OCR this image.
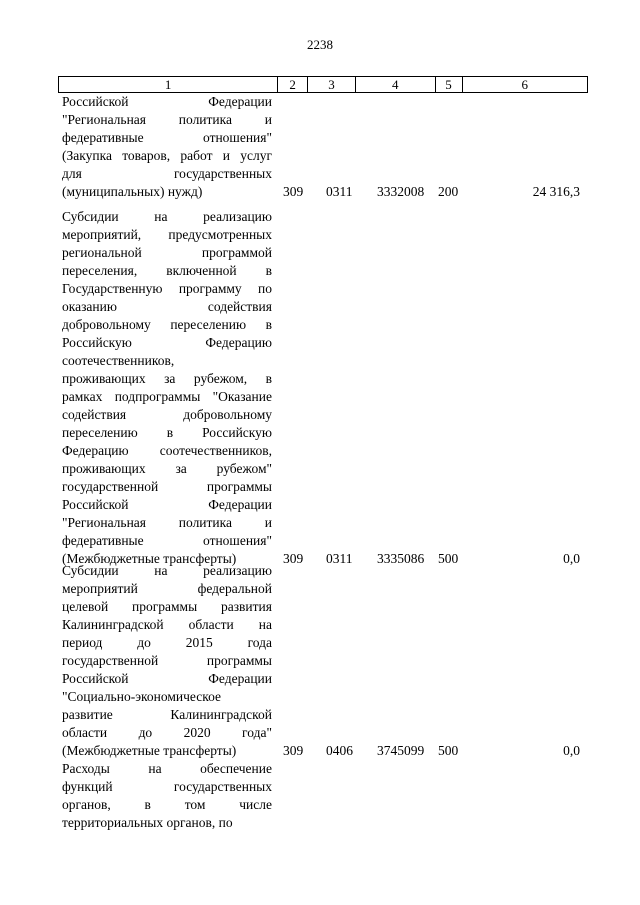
2238
1	2	3	4	5	6

Российской Федерации

"Региональная политика и

федеративные отношения"

(Закупка товаров, работ и услуг

для государственных

(муниципальных) нужд)	309 0311 3332008 200	24 316,3

Субсидии на реализацию

мероприятий, предусмотренных

региональной программой

переселения, включенной в

Государственную программу по

оказанию содействия

добровольному переселению в

Российскую Федерацию

соотечественников,

проживающих за рубежом, в

рамках подпрограммы "Оказание

содействия добровольному

переселению в Российскую

Федерацию соотечественников,

проживающих за рубежом"

государственной программы

Российской Федерации

"Региональная политика и

федеративные отношения"

(Межбюджетные трансферты)	309 0311 3335086 500	0,0

Субсидии на реализацию

мероприятий федеральной

целевой программы развития

Калининградской области на

период до 2015 года

государственной программы

Российской Федерации

"Социально-экономическое

развитие Калининградской

области до 2020 года"

(Межбюджетные трансферты)	309 0406 3745099 500	0,0

Расходы на обеспечение

функций государственных

органов, в том числе

территориальных органов, по
